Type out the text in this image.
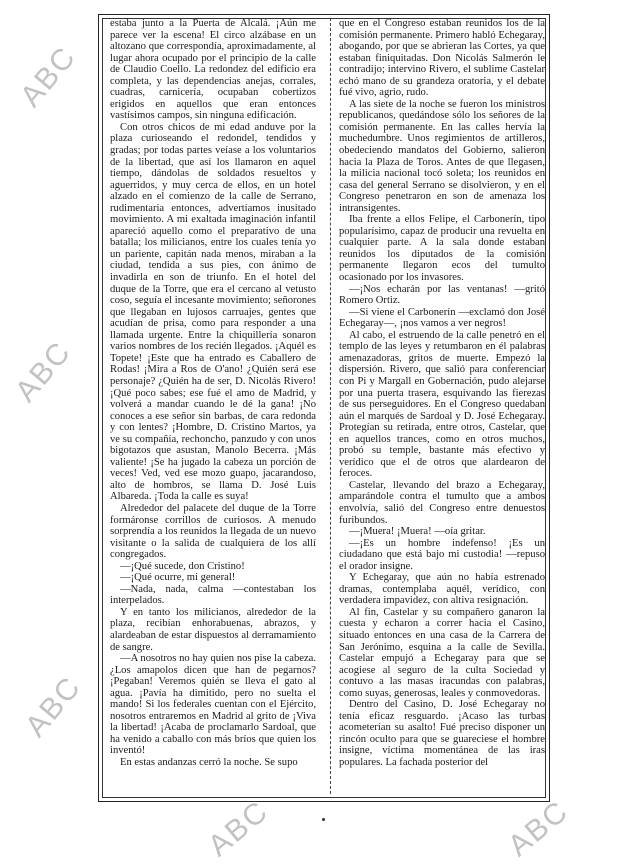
estaba junto a la Puerta de Alcalá. ¡Aún me parece ver la escena! El circo alzábase en un altozano que correspondía, aproximadamente, al lugar ahora ocupado por el principio de la calle de Claudio Coello. La redondez del edificio era completa, y las dependencias anejas, corrales, cuadras, carnicería, ocupaban cobertizos erigidos en aquellos que eran entonces vastísimos campos, sin ninguna edificación.

Con otros chicos de mi edad anduve por la plaza curioseando el redondel, tendidos y gradas; por todas partes veíase a los voluntarios de la libertad, que así los llamaron en aquel tiempo, dándolas de soldados resueltos y aguerridos, y muy cerca de ellos, en un hotel alzado en el comienzo de la calle de Serrano, rudimentaria entonces, advertíamos inusitado movimiento. A mi exaltada imaginación infantil apareció aquello como el preparativo de una batalla; los milicianos, entre los cuales tenía yo un pariente, capitán nada menos, miraban a la ciudad, tendida a sus pies, con ánimo de invadirla en son de triunfo. En el hotel del duque de la Torre, que era el cercano al vetusto coso, seguía el incesante movimiento; señorones que llegaban en lujosos carruajes, gentes que acudían de prisa, como para responder a una llamada urgente. Entre la chiquillería sonaron varios nombres de los recién llegados. ¡Aquél es Topete! ¡Este que ha entrado es Caballero de Rodas! ¡Mira a Ros de O'ano! ¿Quién será ese personaje? ¿Quién ha de ser, D. Nicolás Rivero! ¡Qué poco sabes; ese fué el amo de Madrid, y volverá a mandar cuando le dé la gana! ¡No conoces a ese señor sin barbas, de cara redonda y con lentes? ¡Hombre, D. Cristino Martos, ya ve su compañía, rechoncho, panzudo y con unos bigotazos que asustan, Manolo Becerra. ¡Más valiente! ¡Se ha jugado la cabeza un porción de veces! Ved, ved ese mozo guapo, jacarandoso, alto de hombros, se llama D. José Luis Albareda. ¡Toda la calle es suya!

Alrededor del palacete del duque de la Torre formáronse corrillos de curiosos. A menudo sorprendía a los reunidos la llegada de un nuevo visitante o la salida de cualquiera de los allí congregados.

—¡Qué sucede, don Cristino!

—¡Qué ocurre, mi general!

—Nada, nada, calma —contestaban los interpelados.

Y en tanto los milicianos, alrededor de la plaza, recibían enhorabuenas, abrazos, y alardeaban de estar dispuestos al derramamiento de sangre.

—A nosotros no hay quien nos pise la cabeza. ¿Los amapolos dicen que han de pegarnos? ¡Pegaban! Veremos quién se lleva el gato al agua. ¡Pavía ha dimitido, pero no suelta el mando! Si los federales cuentan con el Ejército, nosotros entraremos en Madrid al grito de ¡Viva la libertad! ¡Acaba de proclamarlo Sardoal, que ha venido a caballo con más bríos que quien los inventó!

En estas andanzas cerró la noche. Se supo

que en el Congreso estaban reunidos los de la comisión permanente. Primero habló Echegaray, abogando, por que se abrieran las Cortes, ya que estaban finiquitadas. Don Nicolás Salmerón le contradijo; intervino Rivero, el sublime Castelar echó mano de su grandeza oratoria, y el debate fué vivo, agrio, rudo.

A las siete de la noche se fueron los ministros republicanos, quedándose sólo los señores de la comisión permanente. En las calles hervía la muchedumbre. Unos regimientos de artilleros, obedeciendo mandatos del Gobierno, salieron hacia la Plaza de Toros. Antes de que llegasen, la milicia nacional tocó soleta; los reunidos en casa del general Serrano se disolvieron, y en el Congreso penetraron en son de amenaza los intransigentes.

Iba frente a ellos Felipe, el Carbonerín, tipo popularísimo, capaz de producir una revuelta en cualquier parte. A la sala donde estaban reunidos los diputados de la comisión permanente llegaron ecos del tumulto ocasionado por los invasores.

—¡Nos echarán por las ventanas! —gritó Romero Ortiz.

—Si viene el Carbonerín —exclamó don José Echegaray—, ¡nos vamos a ver negros!

Al cabo, el estruendo de la calle penetró en el templo de las leyes y retumbaron en él palabras amenazadoras, gritos de muerte. Empezó la dispersión. Rivero, que salió para conferenciar con Pi y Margall en Gobernación, pudo alejarse por una puerta trasera, esquivando las fierezas de sus perseguidores. En el Congreso quedaban aún el marqués de Sardoal y D. José Echegaray. Protegían su retirada, entre otros, Castelar, que en aquellos trances, como en otros muchos, probó su temple, bastante más efectivo y verídico que el de otros que alardearon de feroces.

Castelar, llevando del brazo a Echegaray, amparándole contra el tumulto que a ambos envolvía, salió del Congreso entre denuestos furibundos.

—¡Muera! ¡Muera! —oía gritar.

—¡Es un hombre indefenso! ¡Es un ciudadano que está bajo mi custodia! —repuso el orador insigne.

Y Echegaray, que aún no había estrenado dramas, contemplaba aquél, verídico, con verdadera impavidez, con altiva resignación.

Al fin, Castelar y su compañero ganaron la cuesta y echaron a correr hacia el Casino, situado entonces en una casa de la Carrera de San Jerónimo, esquina a la calle de Sevilla. Castelar empujó a Echegaray para que se acogiese al seguro de la culta Sociedad y contuvo a las masas iracundas con palabras, como suyas, generosas, leales y conmovedoras.

Dentro del Casino, D. José Echegaray no tenía eficaz resguardo. ¡Acaso las turbas acometerían su asalto! Fué preciso disponer un rincón oculto para que se guareciese el hombre insigne, víctima momentánea de las iras populares. La fachada posterior del

ABC
ABC
ABC
ABC	ABC
